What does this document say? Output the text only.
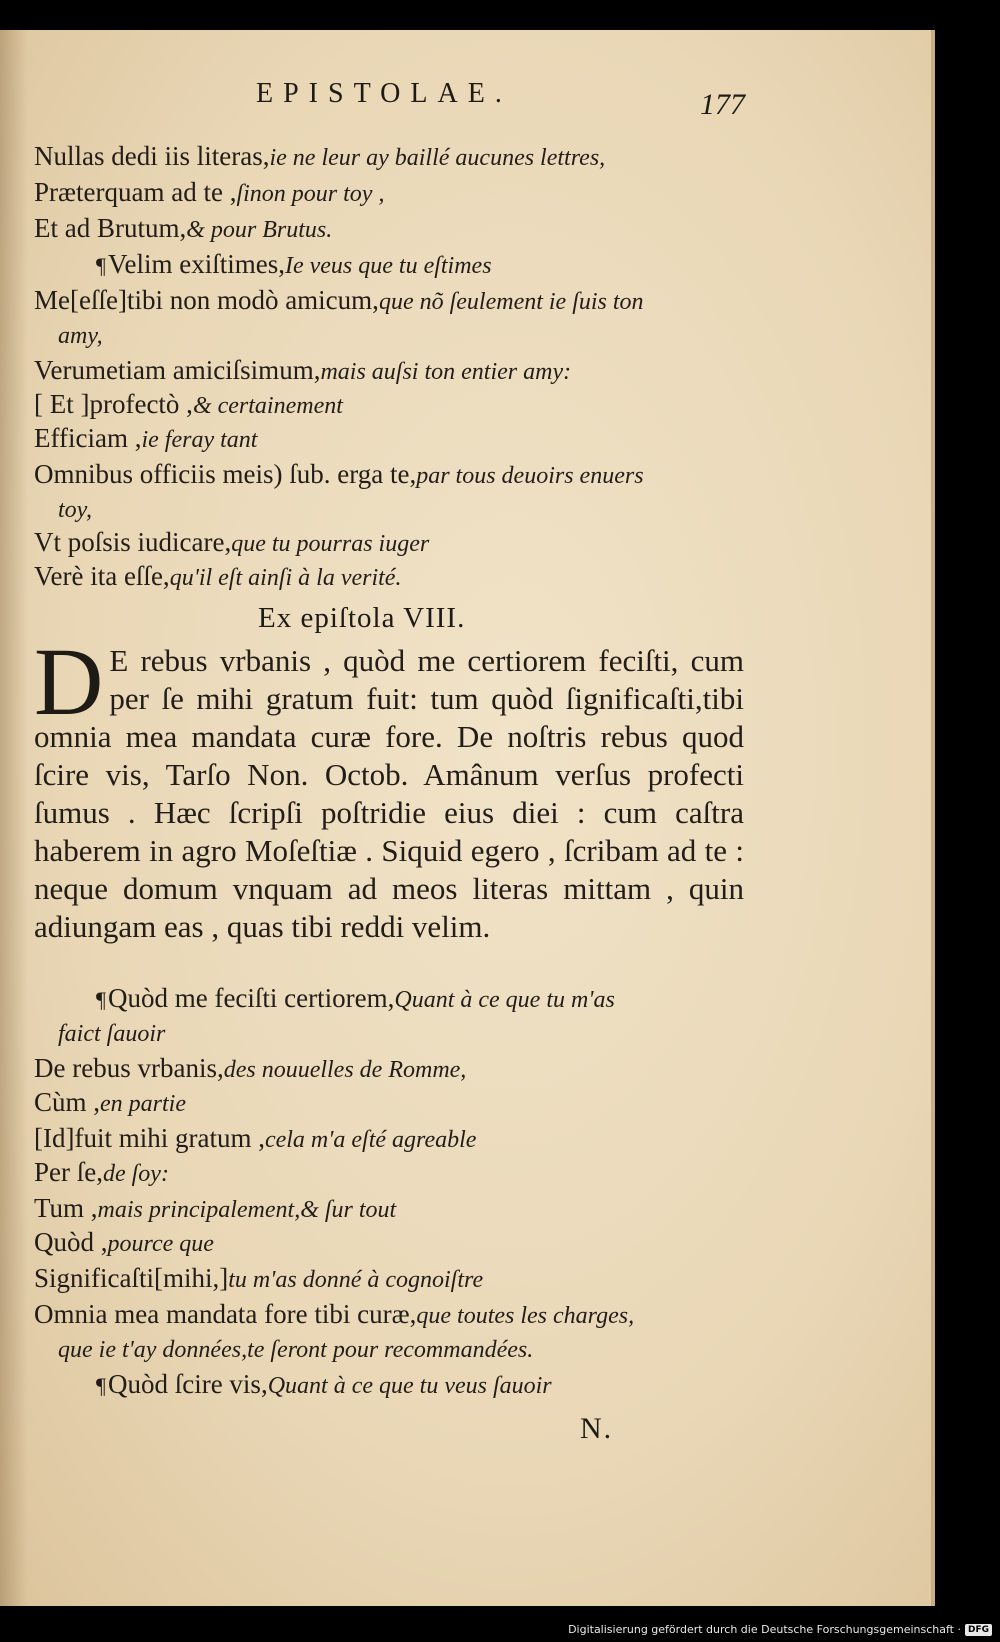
EPISTOLAE.	177
Nullas dedi iis literas,ie ne leur ay baillé aucunes lettres,
Præterquam ad te ,ſinon pour toy ,
Et ad Brutum,& pour Brutus.
¶Velim exiſtimes,Ie veus que tu eſtimes
Me[eſſe]tibi non modò amicum,que nõ ſeulement ie ſuis ton
amy,
Verumetiam amiciſsimum,mais auſsi ton entier amy:
[ Et ]profectò ,& certainement
Efficiam ,ie feray tant
Omnibus officiis meis) ſub. erga te,par tous deuoirs enuers
toy,
Vt poſsis iudicare,que tu pourras iuger
Verè ita eſſe,qu'il eſt ainſi à la verité.
Ex epiſtola VIII.
D E rebus vrbanis , quòd me certiorem feciſti, cum per ſe mihi gratum fuit: tum quòd ſignificaſti,tibi omnia mea mandata curæ fore. De noſtris rebus quod ſcire vis, Tarſo Non. Octob. Amânum verſus profecti ſumus . Hæc ſcripſi poſtridie eius diei : cum caſtra haberem in agro Moſeſtiæ . Siquid egero , ſcribam ad te : neque domum vnquam ad meos literas mittam , quin adiungam eas , quas tibi reddi velim.
¶Quòd me feciſti certiorem,Quant à ce que tu m'as
faict ſauoir
De rebus vrbanis,des nouuelles de Romme,
Cùm ,en partie
[Id]fuit mihi gratum ,cela m'a eſté agreable
Per ſe,de ſoy:
Tum ,mais principalement,& ſur tout
Quòd ,pource que
Significaſti[mihi,]tu m'as donné à cognoiſtre
Omnia mea mandata fore tibi curæ,que toutes les charges,
que ie t'ay données,te ſeront pour recommandées.
¶Quòd ſcire vis,Quant à ce que tu veus ſauoir
N.
Digitalisierung gefördert durch die Deutsche Forschungsgemeinschaft · DFG
